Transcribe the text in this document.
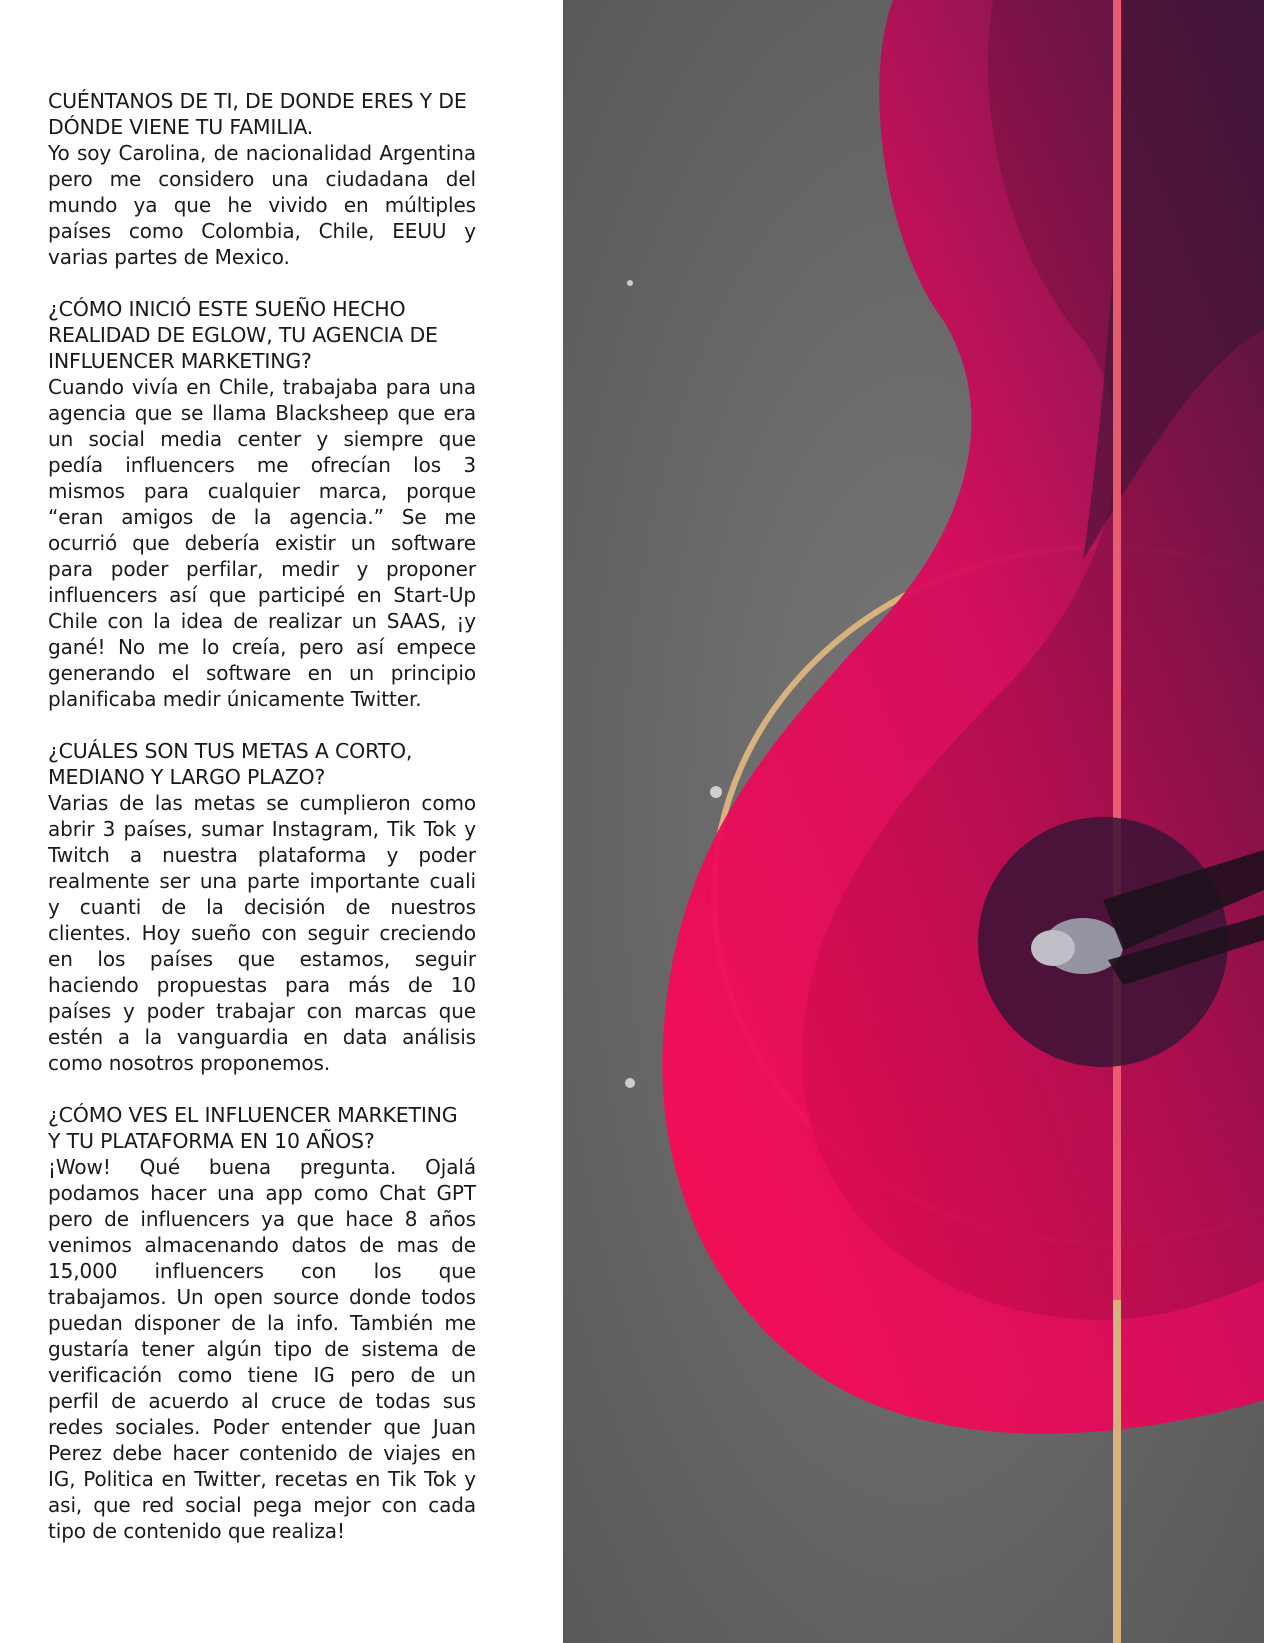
CUÉNTANOS DE TI, DE DONDE ERES Y DE DÓNDE VIENE TU FAMILIA.

Yo soy Carolina, de nacionalidad Argentina pero me considero una ciudadana del mundo ya que he vivido en múltiples países como Colombia, Chile, EEUU y varias partes de Mexico.

¿CÓMO INICIÓ ESTE SUEÑO HECHO REALIDAD DE EGLOW, TU AGENCIA DE INFLUENCER MARKETING?

Cuando vivía en Chile, trabajaba para una agencia que se llama Blacksheep que era un social media center y siempre que pedía influencers me ofrecían los 3 mismos para cualquier marca, porque “eran amigos de la agencia.” Se me ocurrió que debería existir un software para poder perfilar, medir y proponer influencers así que participé en Start-Up Chile con la idea de realizar un SAAS, ¡y gané! No me lo creía, pero así empece generando el software en un principio planificaba medir únicamente Twitter.

¿CUÁLES SON TUS METAS A CORTO, MEDIANO Y LARGO PLAZO?

Varias de las metas se cumplieron como abrir 3 países, sumar Instagram, Tik Tok y Twitch a nuestra plataforma y poder realmente ser una parte importante cuali y cuanti de la decisión de nuestros clientes. Hoy sueño con seguir creciendo en los países que estamos, seguir haciendo propuestas para más de 10 países y poder trabajar con marcas que estén a la vanguardia en data análisis como nosotros proponemos.

¿CÓMO VES EL INFLUENCER MARKETING Y TU PLATAFORMA EN 10 AÑOS?

¡Wow! Qué buena pregunta. Ojalá podamos hacer una app como Chat GPT pero de influencers ya que hace 8 años venimos almacenando datos de mas de 15,000 influencers con los que trabajamos. Un open source donde todos puedan disponer de la info. También me gustaría tener algún tipo de sistema de verificación como tiene IG pero de un perfil de acuerdo al cruce de todas sus redes sociales. Poder entender que Juan Perez debe hacer contenido de viajes en IG, Politica en Twitter, recetas en Tik Tok y asi, que red social pega mejor con cada tipo de contenido que realiza!
